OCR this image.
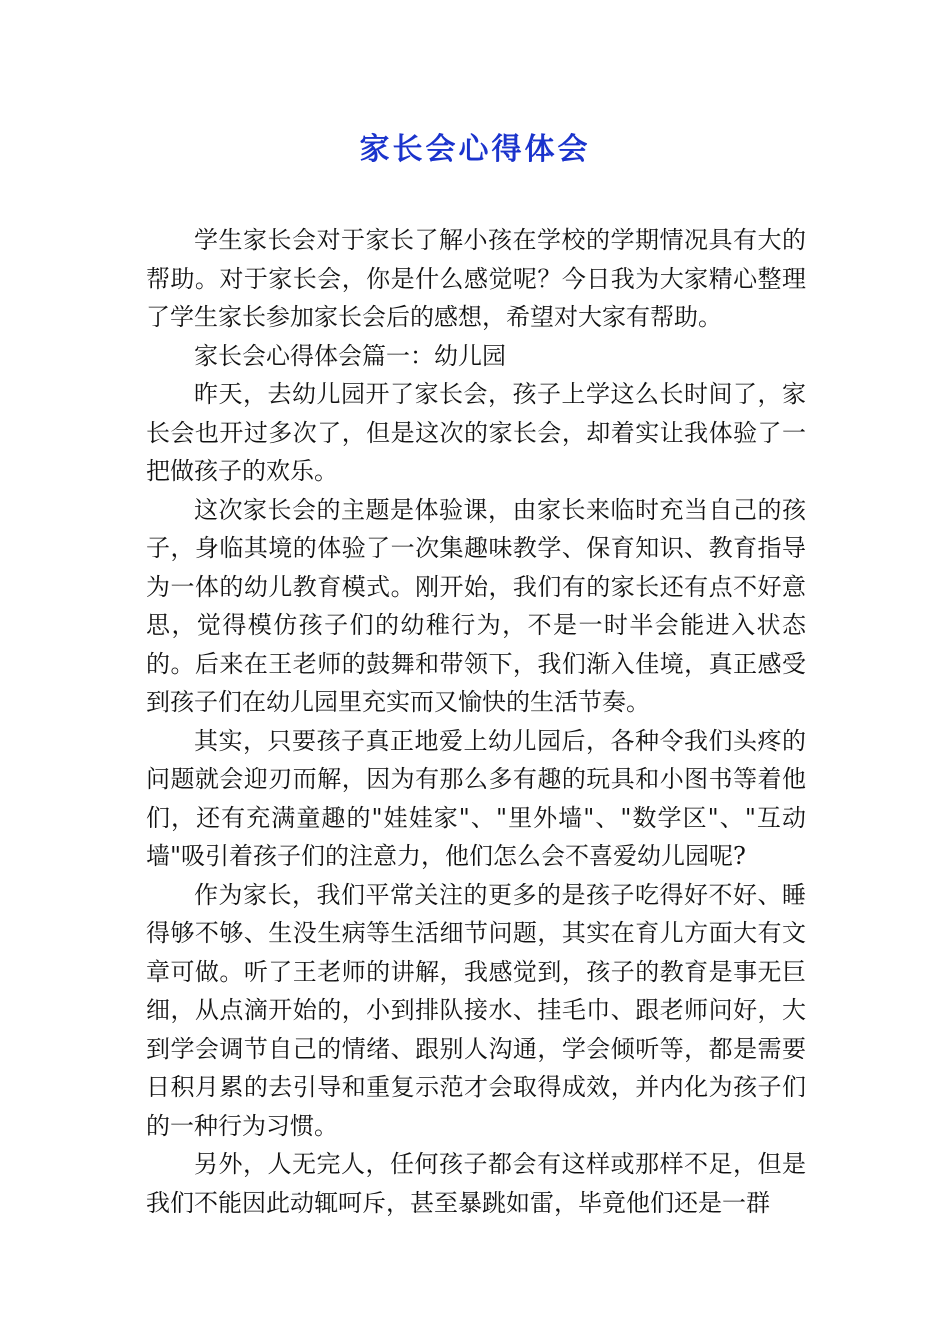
家长会心得体会

学生家长会对于家长了解小孩在学校的学期情况具有大的帮助。对于家长会，你是什么感觉呢？今日我为大家精心整理了学生家长参加家长会后的感想，希望对大家有帮助。

家长会心得体会篇一：幼儿园

昨天，去幼儿园开了家长会，孩子上学这么长时间了，家长会也开过多次了，但是这次的家长会，却着实让我体验了一把做孩子的欢乐。

这次家长会的主题是体验课，由家长来临时充当自己的孩子，身临其境的体验了一次集趣味教学、保育知识、教育指导为一体的幼儿教育模式。刚开始，我们有的家长还有点不好意思，觉得模仿孩子们的幼稚行为，不是一时半会能进入状态的。后来在王老师的鼓舞和带领下，我们渐入佳境，真正感受到孩子们在幼儿园里充实而又愉快的生活节奏。

其实，只要孩子真正地爱上幼儿园后，各种令我们头疼的问题就会迎刃而解，因为有那么多有趣的玩具和小图书等着他们，还有充满童趣的"娃娃家"、"里外墙"、"数学区"、"互动墙"吸引着孩子们的注意力，他们怎么会不喜爱幼儿园呢?

作为家长，我们平常关注的更多的是孩子吃得好不好、睡得够不够、生没生病等生活细节问题，其实在育儿方面大有文章可做。听了王老师的讲解，我感觉到，孩子的教育是事无巨细，从点滴开始的，小到排队接水、挂毛巾、跟老师问好，大到学会调节自己的情绪、跟别人沟通，学会倾听等，都是需要日积月累的去引导和重复示范才会取得成效，并内化为孩子们的一种行为习惯。

另外，人无完人，任何孩子都会有这样或那样不足，但是我们不能因此动辄呵斥，甚至暴跳如雷，毕竟他们还是一群
